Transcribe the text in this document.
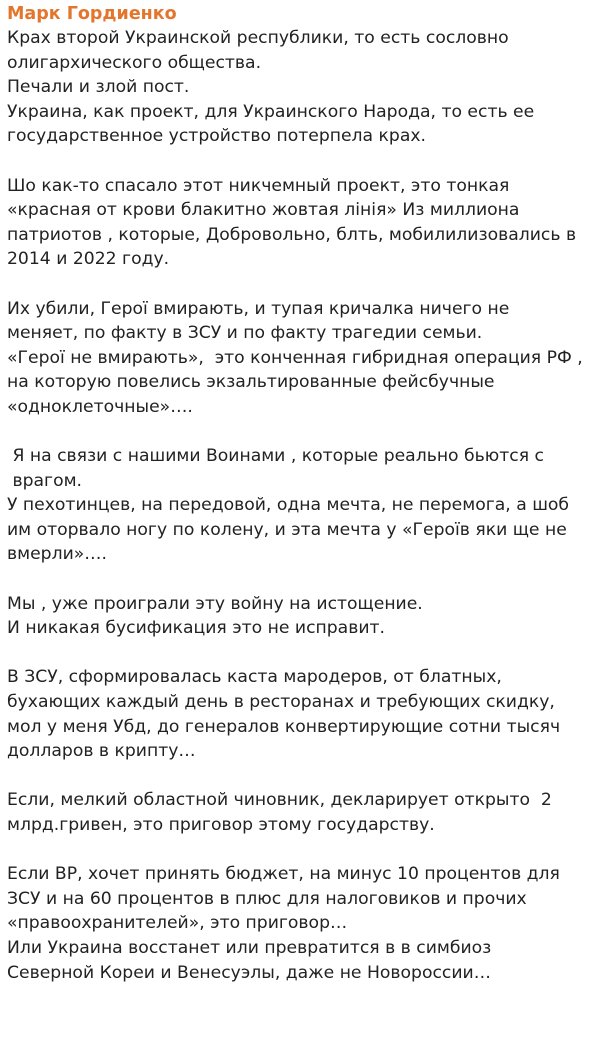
Марк Гордиенко
Крах второй Украинской республики, то есть сословно
олигархического общества.
Печали и злой пост.
Украина, как проект, для Украинского Народа, то есть ее
государственное устройство потерпела крах.
Шо как-то спасало этот никчемный проект, это тонкая
«красная от крови блакитно жовтая лінія» Из миллиона
патриотов , которые, Добровольно, блть, мобилилизовались в
2014 и 2022 году.
Их убили, Герої вмирають, и тупая кричалка ничего не
меняет, по факту в ЗСУ и по факту трагедии семьи.
«Герої не вмирають»,  это конченная гибридная операция РФ ,
на которую повелись экзальтированные фейсбучные
«одноклеточные»….
Я на связи с нашими Воинами , которые реально бьются с
врагом.
У пехотинцев, на передовой, одна мечта, не перемога, а шоб
им оторвало ногу по колену, и эта мечта у «Героїв яки ще не
вмерли»….
Мы , уже проиграли эту войну на истощение.
И никакая бусификация это не исправит.
В ЗСУ, сформировалась каста мародеров, от блатных,
бухающих каждый день в ресторанах и требующих скидку,
мол у меня Убд, до генералов конвертирующие сотни тысяч
долларов в крипту…
Если, мелкий областной чиновник, декларирует открыто  2
млрд.гривен, это приговор этому государству.
Если ВР, хочет принять бюджет, на минус 10 процентов для
ЗСУ и на 60 процентов в плюс для налоговиков и прочих
«правоохранителей», это приговор…
Или Украина восстанет или превратится в в симбиоз
Северной Кореи и Венесуэлы, даже не Новороссии…
